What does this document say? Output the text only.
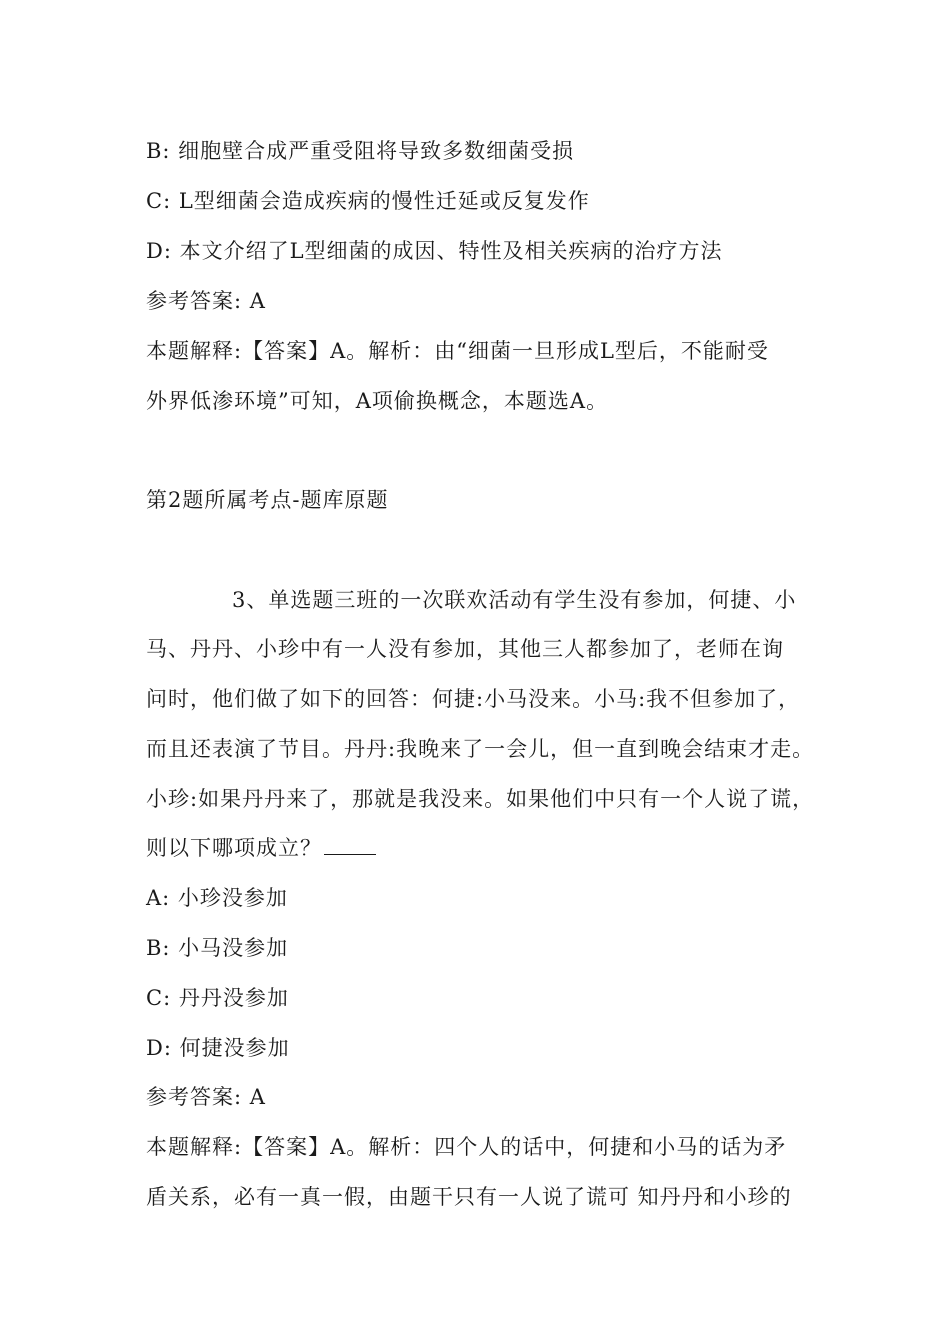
B: 细胞壁合成严重受阻将导致多数细菌受损
C: L型细菌会造成疾病的慢性迁延或反复发作
D: 本文介绍了L型细菌的成因、特性及相关疾病的治疗方法
参考答案: A
本题解释:【答案】A。解析：由“细菌一旦形成L型后，不能耐受
外界低渗环境”可知，A项偷换概念，本题选A。
第2题所属考点-题库原题
3、单选题三班的一次联欢活动有学生没有参加，何捷、小
马、丹丹、小珍中有一人没有参加，其他三人都参加了，老师在询
问时，他们做了如下的回答：何捷:小马没来。小马:我不但参加了，
而且还表演了节目。丹丹:我晚来了一会儿，但一直到晚会结束才走。
小珍:如果丹丹来了，那就是我没来。如果他们中只有一个人说了谎，
则以下哪项成立？
A: 小珍没参加
B: 小马没参加
C: 丹丹没参加
D: 何捷没参加
参考答案: A
本题解释:【答案】A。解析：四个人的话中，何捷和小马的话为矛
盾关系，必有一真一假，由题干只有一人说了谎可 知丹丹和小珍的
